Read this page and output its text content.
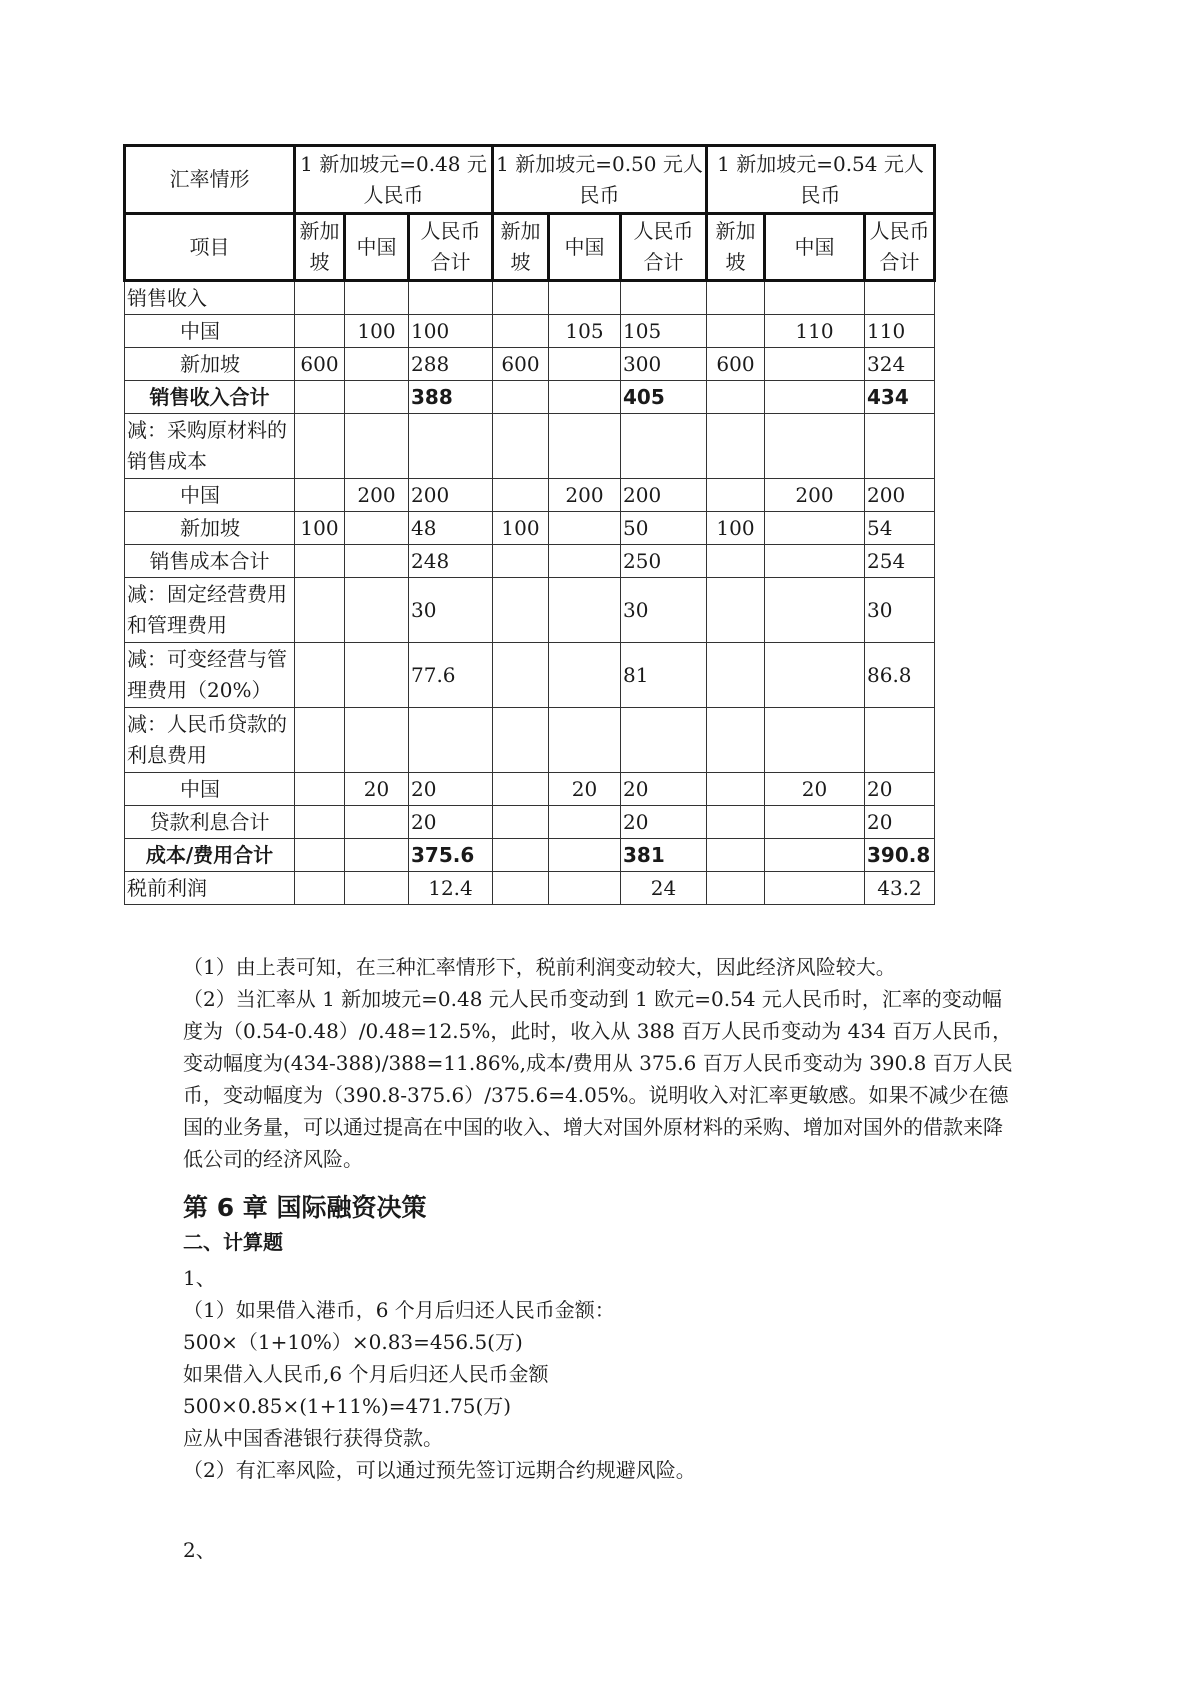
汇率情形	1 新加坡元=0.48 元人民币			1 新加坡元=0.50 元人民币			1 新加坡元=0.54 元人民币		
项目	新加坡	中国	人民币合计	新加坡	中国	人民币合计	新加坡	中国	人民币合计
销售收入									
中国		100	100		105	105		110	110
新加坡	600		288	600		300	600		324
销售收入合计			388			405			434
减：采购原材料的销售成本									
中国		200	200		200	200		200	200
新加坡	100		48	100		50	100		54
销售成本合计			248			250			254
减：固定经营费用和管理费用			30			30			30
减：可变经营与管理费用（20%）			77.6			81			86.8
减：人民币贷款的利息费用									
中国		20	20		20	20		20	20
贷款利息合计			20			20			20
成本/费用合计			375.6			381			390.8
税前利润			12.4			24			43.2

（1）由上表可知，在三种汇率情形下，税前利润变动较大，因此经济风险较大。

（2）当汇率从 1 新加坡元=0.48 元人民币变动到 1 欧元=0.54 元人民币时，汇率的变动幅度为（0.54-0.48）/0.48=12.5%，此时，收入从 388 百万人民币变动为 434 百万人民币，变动幅度为(434-388)/388=11.86%,成本/费用从 375.6 百万人民币变动为 390.8 百万人民币，变动幅度为（390.8-375.6）/375.6=4.05%。说明收入对汇率更敏感。如果不减少在德国的业务量，可以通过提高在中国的收入、增大对国外原材料的采购、增加对国外的借款来降低公司的经济风险。

第 6 章 国际融资决策
二、计算题
1、
（1）如果借入港币，6 个月后归还人民币金额：
500×（1+10%）×0.83=456.5(万)
如果借入人民币,6 个月后归还人民币金额
500×0.85×(1+11%)=471.75(万)
应从中国香港银行获得贷款。
（2）有汇率风险，可以通过预先签订远期合约规避风险。
2、
